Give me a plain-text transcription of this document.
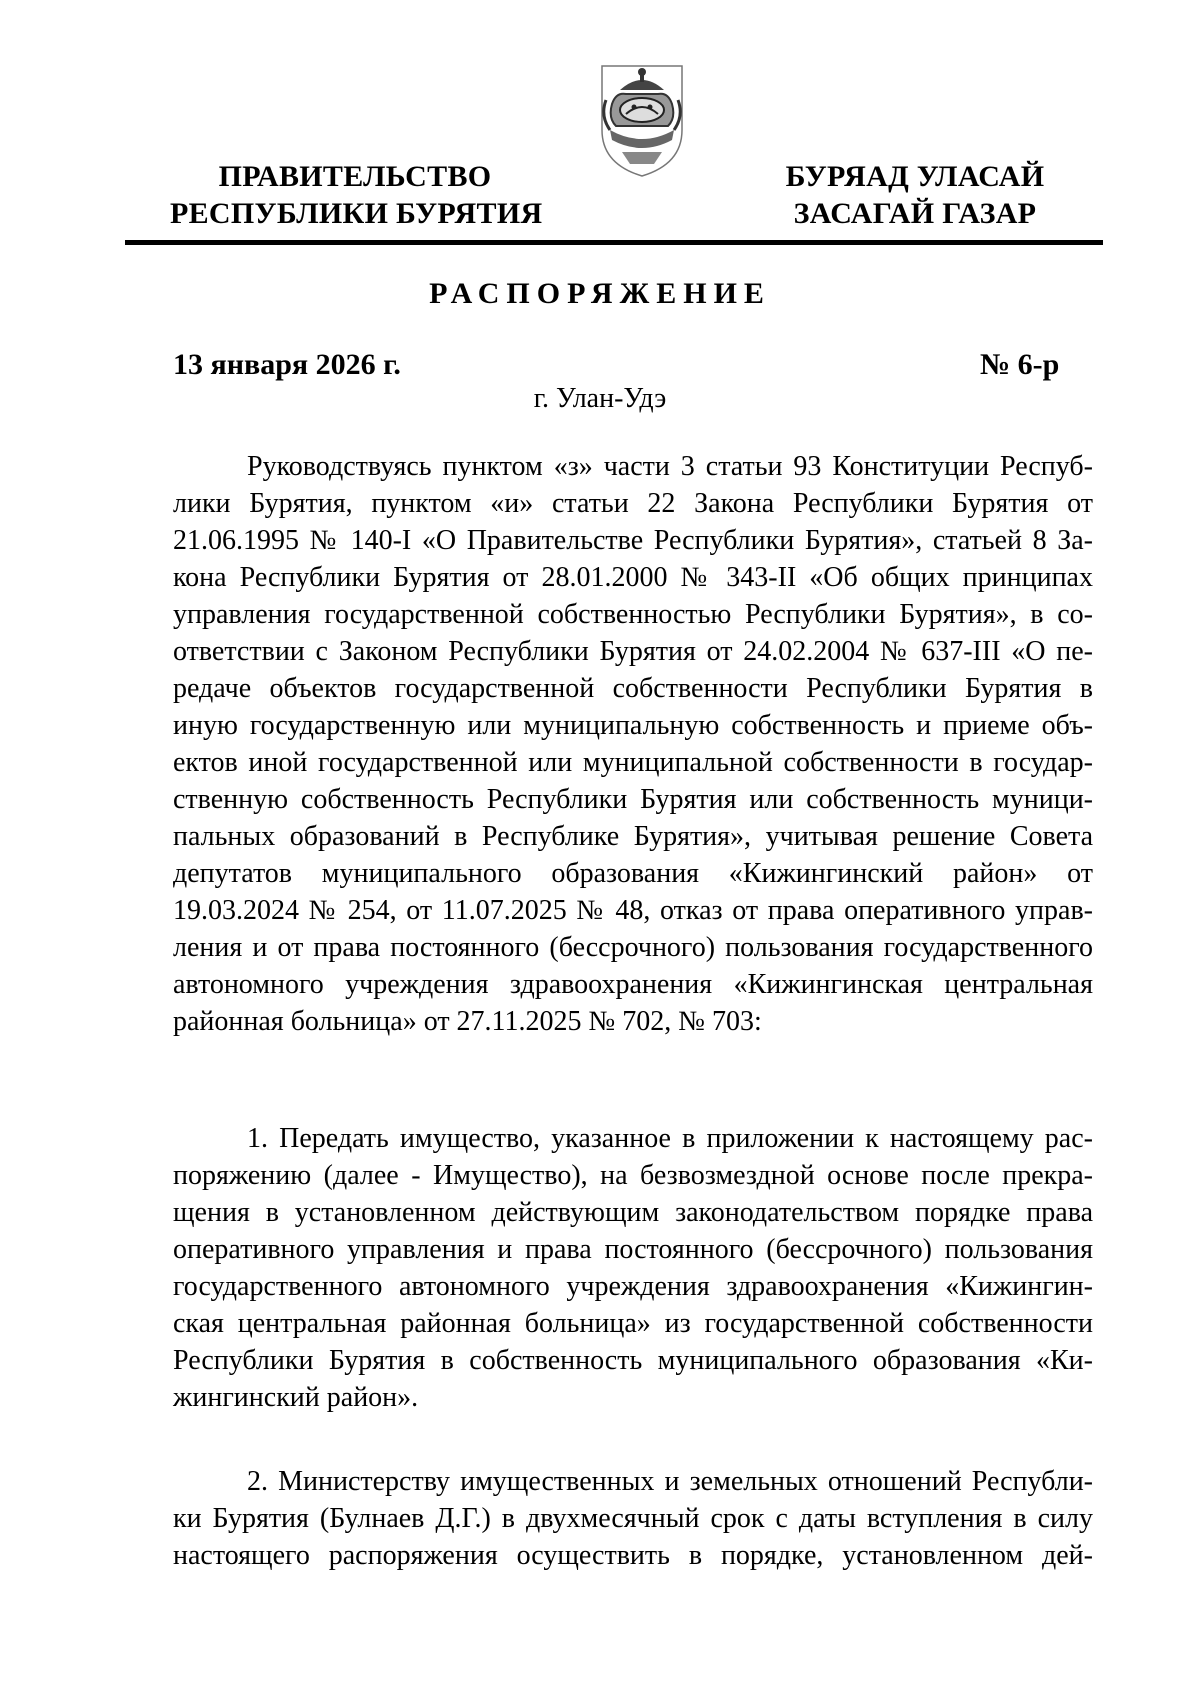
ПРАВИТЕЛЬСТВО
РЕСПУБЛИКИ БУРЯТИЯ
БУРЯАД УЛАСАЙ
ЗАСАГАЙ ГАЗАР
РАСПОРЯЖЕНИЕ
13 января 2026 г.	№ 6-р
г. Улан-Удэ
Руководствуясь пунктом «з» части 3 статьи 93 Конституции Респуб-
лики Бурятия, пунктом «и» статьи 22 Закона Республики Бурятия от
21.06.1995 № 140-I «О Правительстве Республики Бурятия», статьей 8 За-
кона Республики Бурятия от 28.01.2000 № 343-II «Об общих принципах
управления государственной собственностью Республики Бурятия», в со-
ответствии с Законом Республики Бурятия от 24.02.2004 № 637-III «О пе-
редаче объектов государственной собственности Республики Бурятия в
иную государственную или муниципальную собственность и приеме объ-
ектов иной государственной или муниципальной собственности в государ-
ственную собственность Республики Бурятия или собственность муници-
пальных образований в Республике Бурятия», учитывая решение Совета
депутатов муниципального образования «Кижингинский район» от
19.03.2024 № 254, от 11.07.2025 № 48, отказ от права оперативного управ-
ления и от права постоянного (бессрочного) пользования государственного
автономного учреждения здравоохранения «Кижингинская центральная
районная больница» от 27.11.2025 № 702, № 703:
1. Передать имущество, указанное в приложении к настоящему рас-
поряжению (далее - Имущество), на безвозмездной основе после прекра-
щения в установленном действующим законодательством порядке права
оперативного управления и права постоянного (бессрочного) пользования
государственного автономного учреждения здравоохранения «Кижингин-
ская центральная районная больница» из государственной собственности
Республики Бурятия в собственность муниципального образования «Ки-
жингинский район».
2. Министерству имущественных и земельных отношений Республи-
ки Бурятия (Булнаев Д.Г.) в двухмесячный срок с даты вступления в силу
настоящего распоряжения осуществить в порядке, установленном дей-
